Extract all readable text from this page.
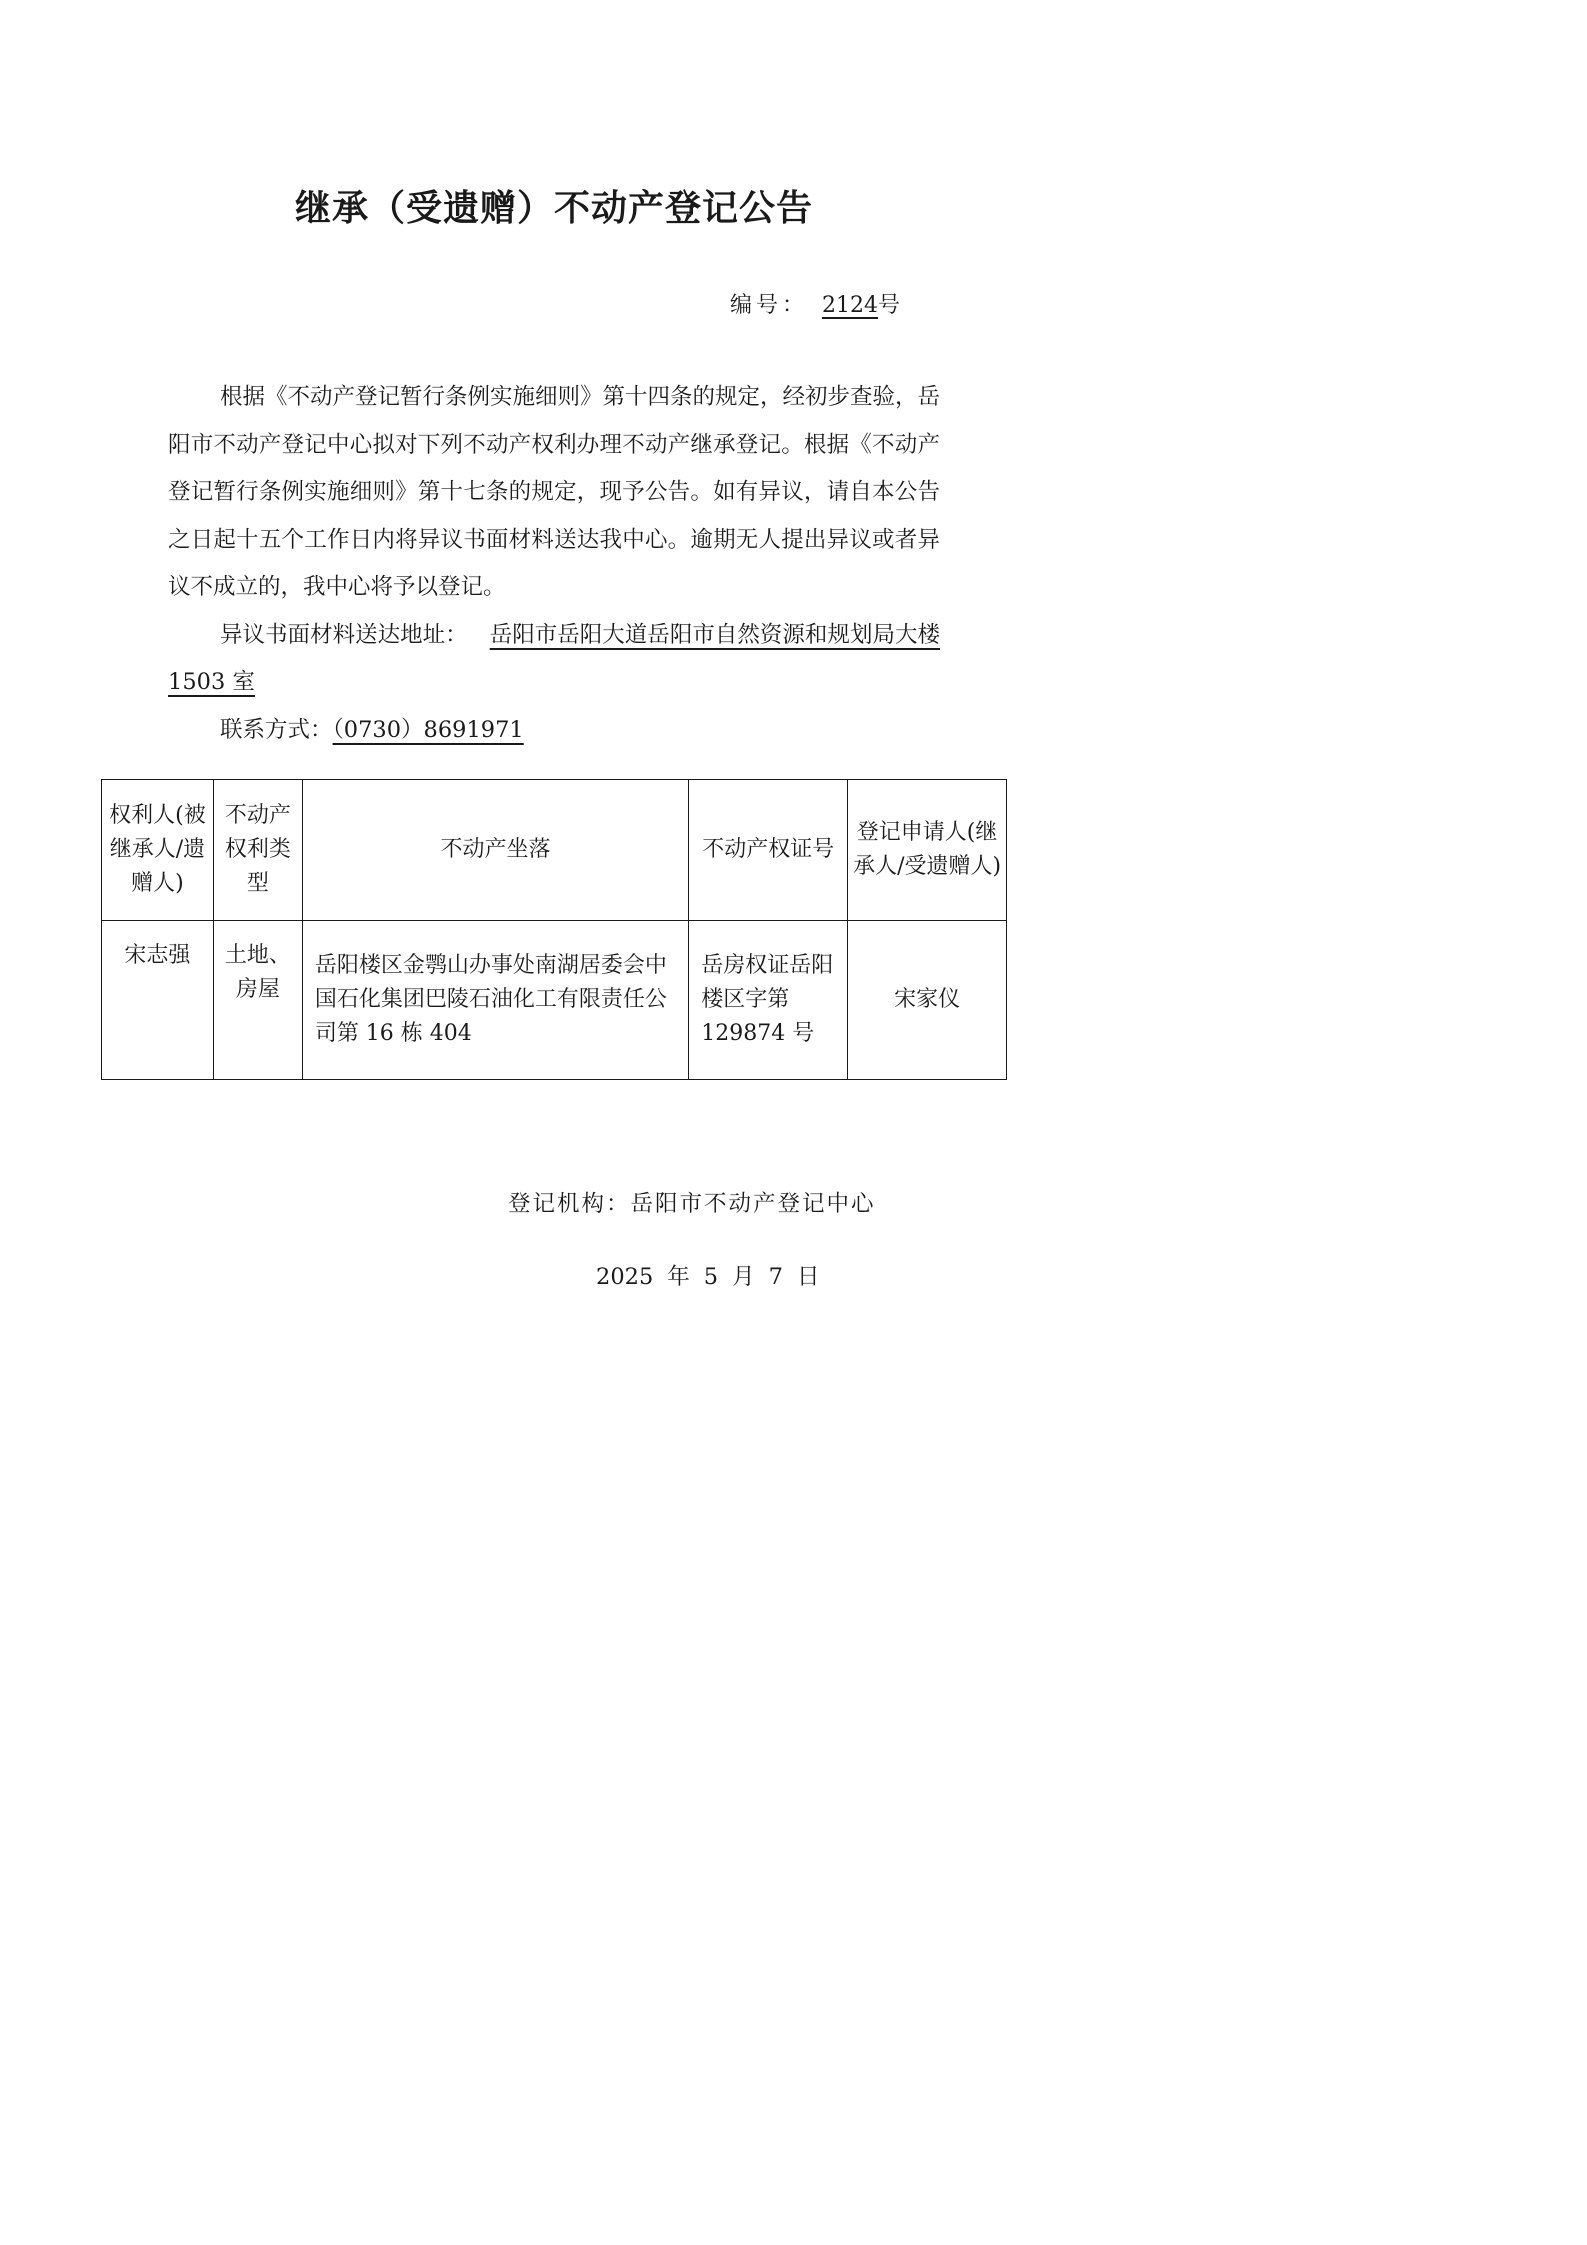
继承（受遗赠）不动产登记公告
编号： 2124号

根据《不动产登记暂行条例实施细则》第十四条的规定，经初步查验，岳阳市不动产登记中心拟对下列不动产权利办理不动产继承登记。根据《不动产登记暂行条例实施细则》第十七条的规定，现予公告。如有异议，请自本公告之日起十五个工作日内将异议书面材料送达我中心。逾期无人提出异议或者异议不成立的，我中心将予以登记。

异议书面材料送达地址： 岳阳市岳阳大道岳阳市自然资源和规划局大楼 1503 室

联系方式：（0730）8691971

权利人(被继承人/遗赠人)	不动产权利类型	不动产坐落	不动产权证号	登记申请人(继承人/受遗赠人)
宋志强	土地、房屋	岳阳楼区金鹗山办事处南湖居委会中国石化集团巴陵石油化工有限责任公司第 16 栋 404	岳房权证岳阳楼区字第 129874 号	宋家仪
登记机构：岳阳市不动产登记中心
2025 年 5 月 7 日
